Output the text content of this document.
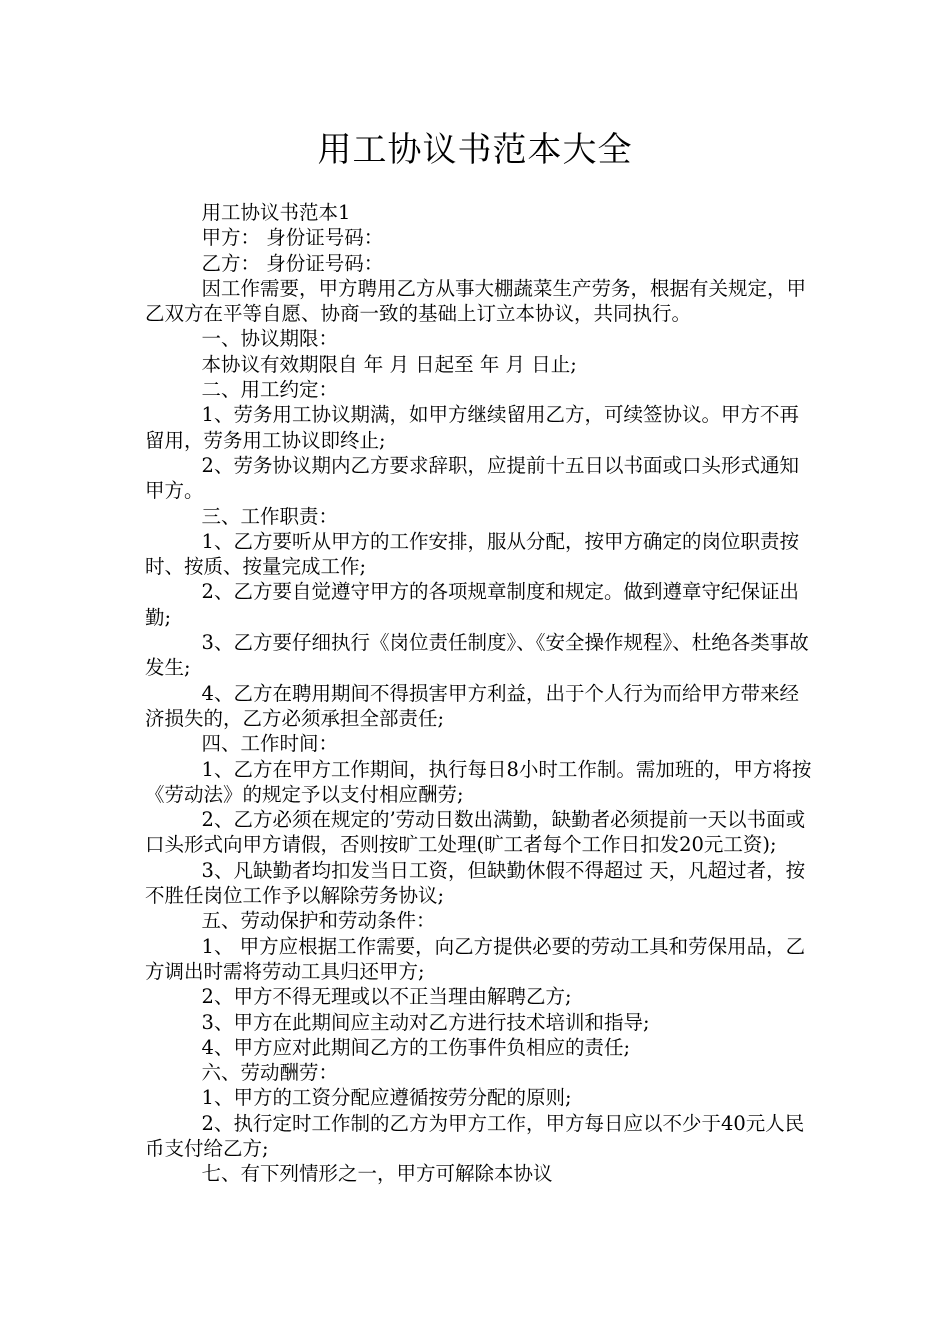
用工协议书范本大全

用工协议书范本1

甲方： 身份证号码：

乙方： 身份证号码：

因工作需要，甲方聘用乙方从事大棚蔬菜生产劳务，根据有关规定，甲乙双方在平等自愿、协商一致的基础上订立本协议，共同执行。

一、协议期限：

本协议有效期限自 年 月 日起至 年 月 日止;

二、用工约定：

1、劳务用工协议期满，如甲方继续留用乙方，可续签协议。甲方不再留用，劳务用工协议即终止;

2、劳务协议期内乙方要求辞职，应提前十五日以书面或口头形式通知甲方。

三、工作职责：

1、乙方要听从甲方的工作安排，服从分配，按甲方确定的岗位职责按时、按质、按量完成工作;

2、乙方要自觉遵守甲方的各项规章制度和规定。做到遵章守纪保证出勤;

3、乙方要仔细执行《岗位责任制度》、《安全操作规程》、杜绝各类事故发生;

4、乙方在聘用期间不得损害甲方利益，出于个人行为而给甲方带来经济损失的，乙方必须承担全部责任;

四、工作时间：

1、乙方在甲方工作期间，执行每日8小时工作制。需加班的，甲方将按《劳动法》的规定予以支付相应酬劳;

2、乙方必须在规定的’劳动日数出满勤，缺勤者必须提前一天以书面或口头形式向甲方请假，否则按旷工处理(旷工者每个工作日扣发20元工资);

3、凡缺勤者均扣发当日工资，但缺勤休假不得超过 天，凡超过者，按不胜任岗位工作予以解除劳务协议;

五、劳动保护和劳动条件：

1、 甲方应根据工作需要，向乙方提供必要的劳动工具和劳保用品，乙方调出时需将劳动工具归还甲方;

2、甲方不得无理或以不正当理由解聘乙方;

3、甲方在此期间应主动对乙方进行技术培训和指导;

4、甲方应对此期间乙方的工伤事件负相应的责任;

六、劳动酬劳：

1、甲方的工资分配应遵循按劳分配的原则;

2、执行定时工作制的乙方为甲方工作，甲方每日应以不少于40元人民币支付给乙方;

七、有下列情形之一，甲方可解除本协议
